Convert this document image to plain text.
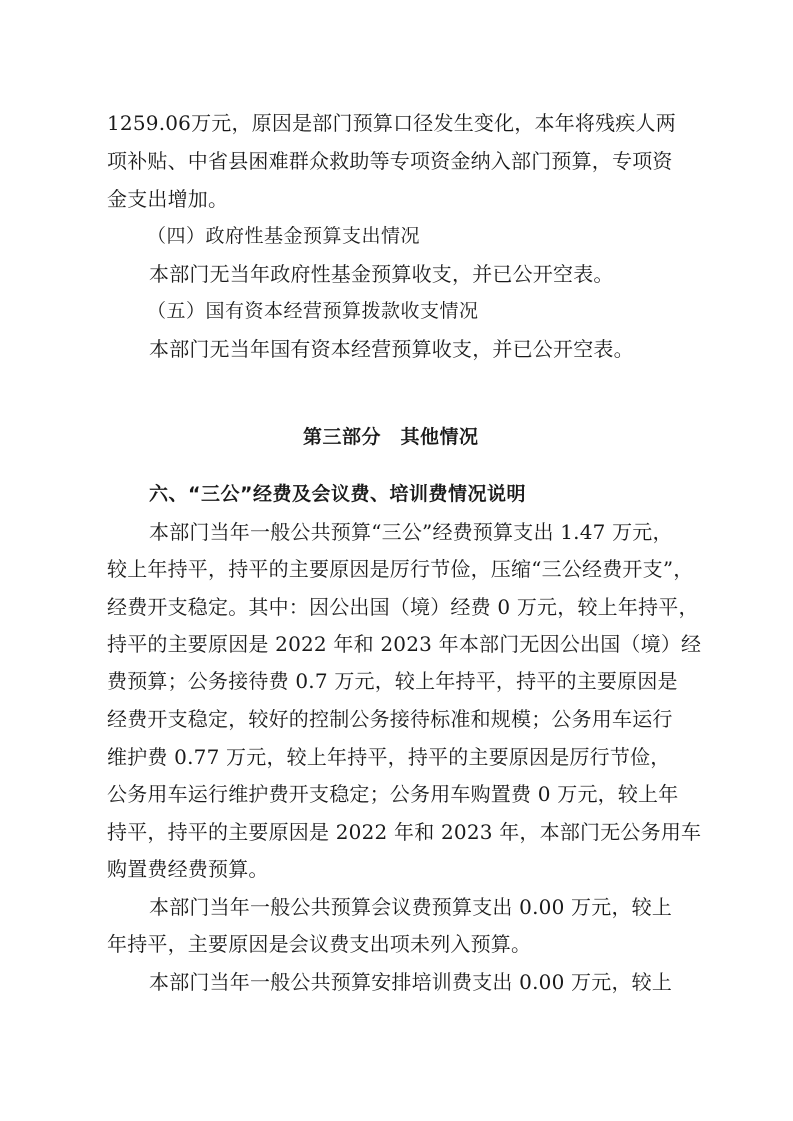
1259.06万元，原因是部门预算口径发生变化，本年将残疾人两
项补贴、中省县困难群众救助等专项资金纳入部门预算，专项资
金支出增加。
（四）政府性基金预算支出情况
本部门无当年政府性基金预算收支，并已公开空表。
（五）国有资本经营预算拨款收支情况
本部门无当年国有资本经营预算收支，并已公开空表。
第三部分　其他情况
六、“三公”经费及会议费、培训费情况说明
本部门当年一般公共预算“三公”经费预算支出 1.47 万元，
较上年持平，持平的主要原因是厉行节俭，压缩“三公经费开支”，
经费开支稳定。其中：因公出国（境）经费 0 万元，较上年持平，
持平的主要原因是 2022 年和 2023 年本部门无因公出国（境）经
费预算；公务接待费 0.7 万元，较上年持平，持平的主要原因是
经费开支稳定，较好的控制公务接待标准和规模；公务用车运行
维护费 0.77 万元，较上年持平，持平的主要原因是厉行节俭，
公务用车运行维护费开支稳定；公务用车购置费 0 万元，较上年
持平，持平的主要原因是 2022 年和 2023 年，本部门无公务用车
购置费经费预算。
本部门当年一般公共预算会议费预算支出 0.00 万元，较上
年持平，主要原因是会议费支出项未列入预算。
本部门当年一般公共预算安排培训费支出 0.00 万元，较上
